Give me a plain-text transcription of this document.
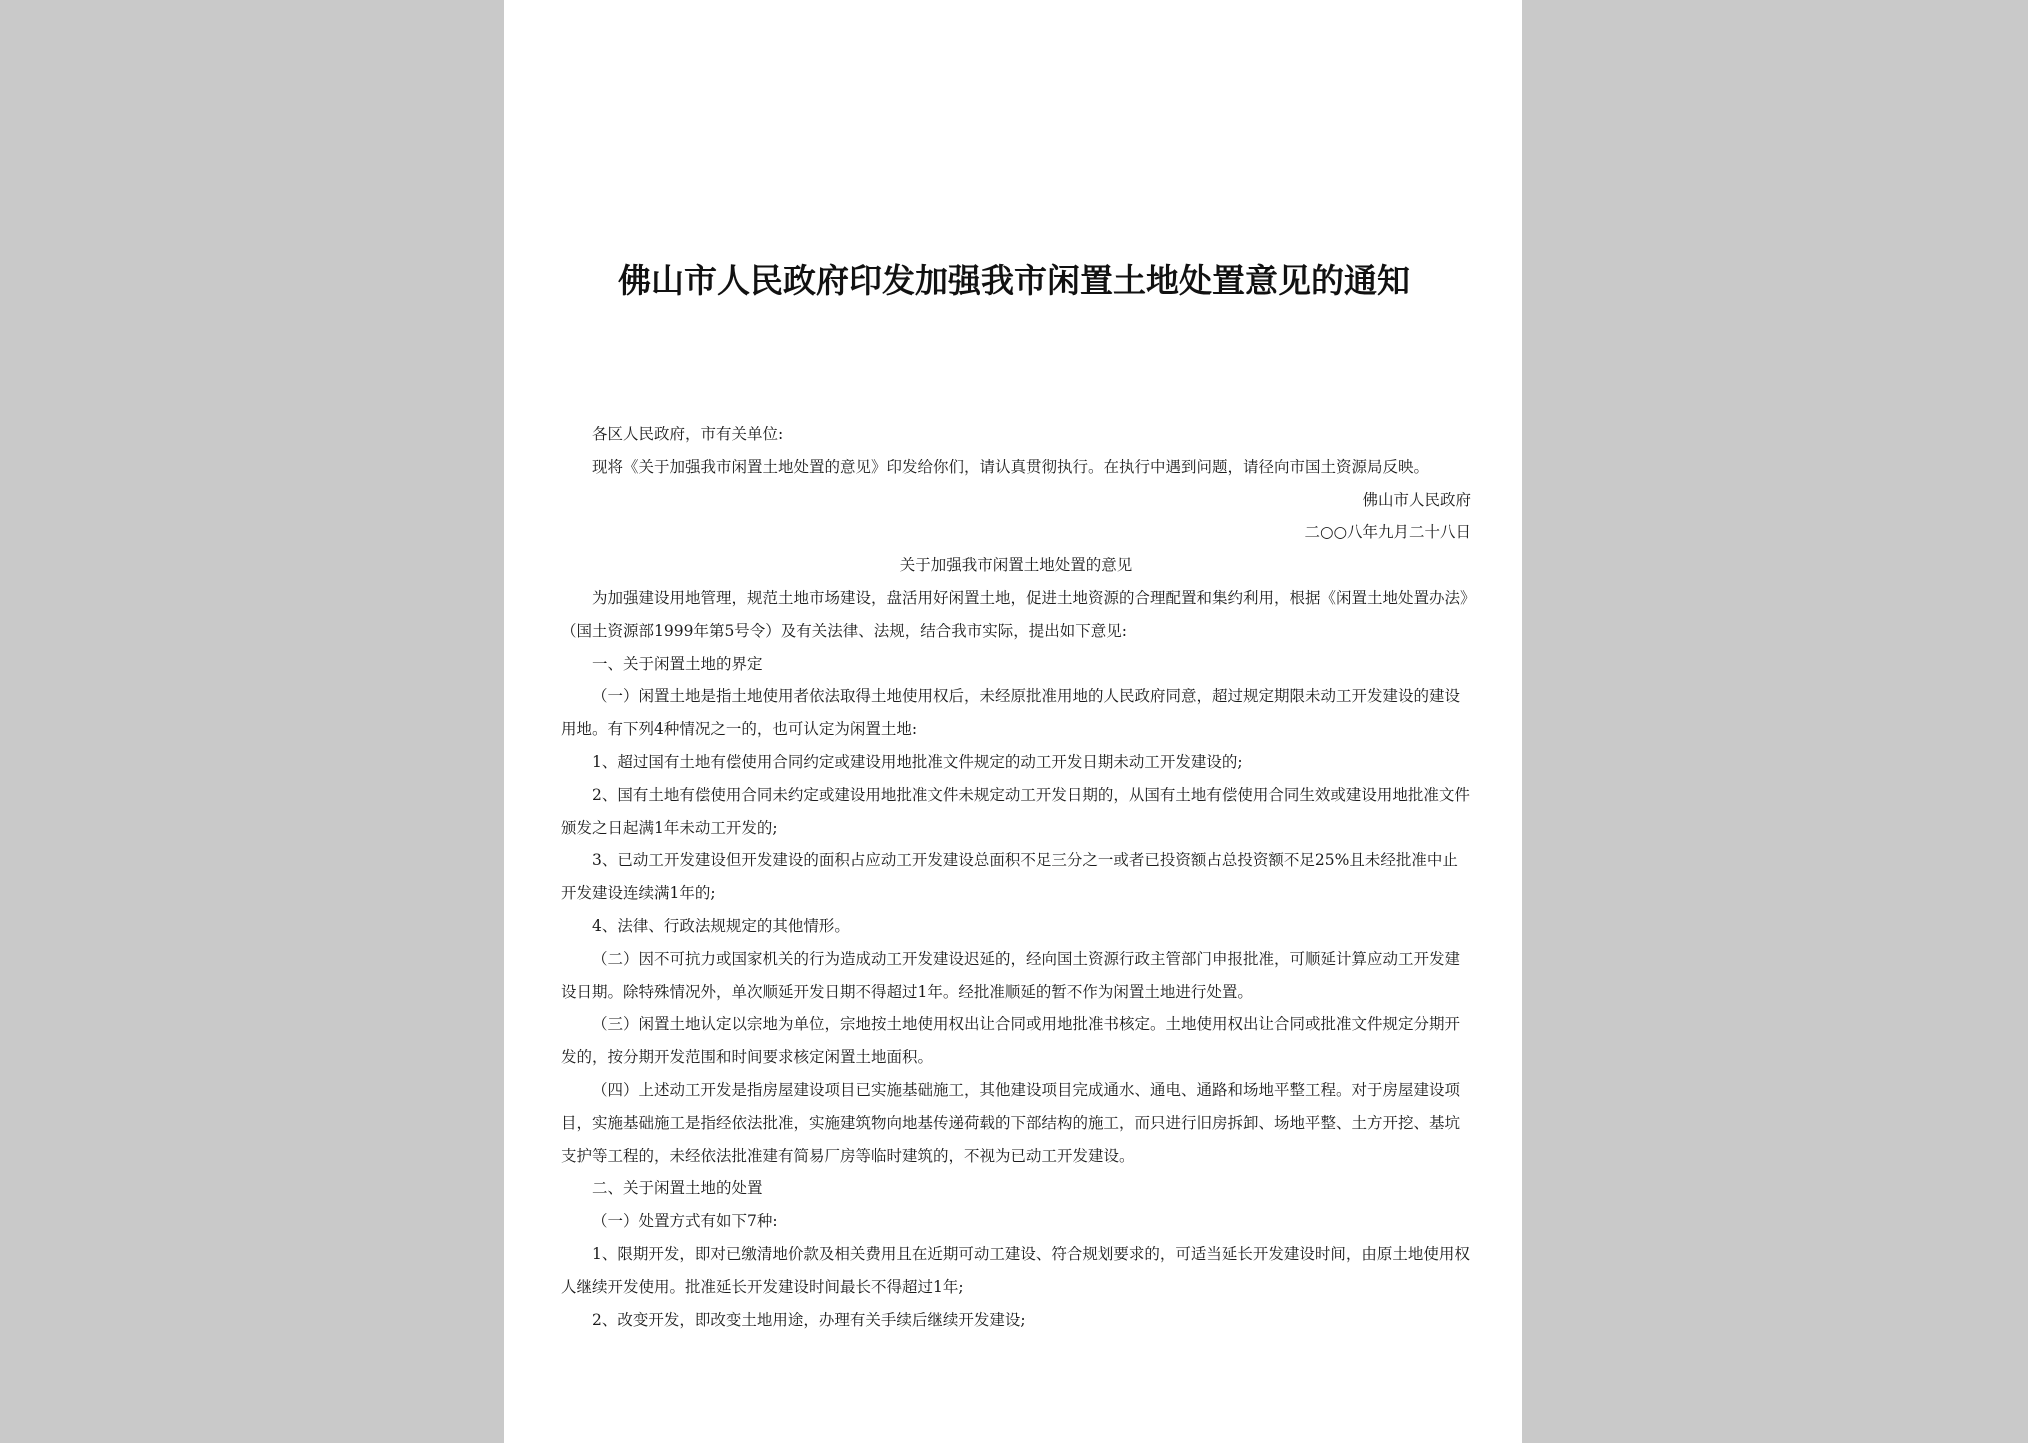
佛山市人民政府印发加强我市闲置土地处置意见的通知

各区人民政府，市有关单位:

现将《关于加强我市闲置土地处置的意见》印发给你们，请认真贯彻执行。在执行中遇到问题，请径向市国土资源局反映。

佛山市人民政府

二○○八年九月二十八日

关于加强我市闲置土地处置的意见

为加强建设用地管理，规范土地市场建设，盘活用好闲置土地，促进土地资源的合理配置和集约利用，根据《闲置土地处置办法》（国土资源部1999年第5号令）及有关法律、法规，结合我市实际，提出如下意见:

一、关于闲置土地的界定

（一）闲置土地是指土地使用者依法取得土地使用权后，未经原批准用地的人民政府同意，超过规定期限未动工开发建设的建设用地。有下列4种情况之一的，也可认定为闲置土地:

1、超过国有土地有偿使用合同约定或建设用地批准文件规定的动工开发日期未动工开发建设的;

2、国有土地有偿使用合同未约定或建设用地批准文件未规定动工开发日期的，从国有土地有偿使用合同生效或建设用地批准文件颁发之日起满1年未动工开发的;

3、已动工开发建设但开发建设的面积占应动工开发建设总面积不足三分之一或者已投资额占总投资额不足25%且未经批准中止开发建设连续满1年的;

4、法律、行政法规规定的其他情形。

（二）因不可抗力或国家机关的行为造成动工开发建设迟延的，经向国土资源行政主管部门申报批准，可顺延计算应动工开发建设日期。除特殊情况外，单次顺延开发日期不得超过1年。经批准顺延的暂不作为闲置土地进行处置。

（三）闲置土地认定以宗地为单位，宗地按土地使用权出让合同或用地批准书核定。土地使用权出让合同或批准文件规定分期开发的，按分期开发范围和时间要求核定闲置土地面积。

（四）上述动工开发是指房屋建设项目已实施基础施工，其他建设项目完成通水、通电、通路和场地平整工程。对于房屋建设项目，实施基础施工是指经依法批准，实施建筑物向地基传递荷载的下部结构的施工，而只进行旧房拆卸、场地平整、土方开挖、基坑支护等工程的，未经依法批准建有简易厂房等临时建筑的，不视为已动工开发建设。

二、关于闲置土地的处置

（一）处置方式有如下7种:

1、限期开发，即对已缴清地价款及相关费用且在近期可动工建设、符合规划要求的，可适当延长开发建设时间，由原土地使用权人继续开发使用。批准延长开发建设时间最长不得超过1年;

2、改变开发，即改变土地用途，办理有关手续后继续开发建设;
